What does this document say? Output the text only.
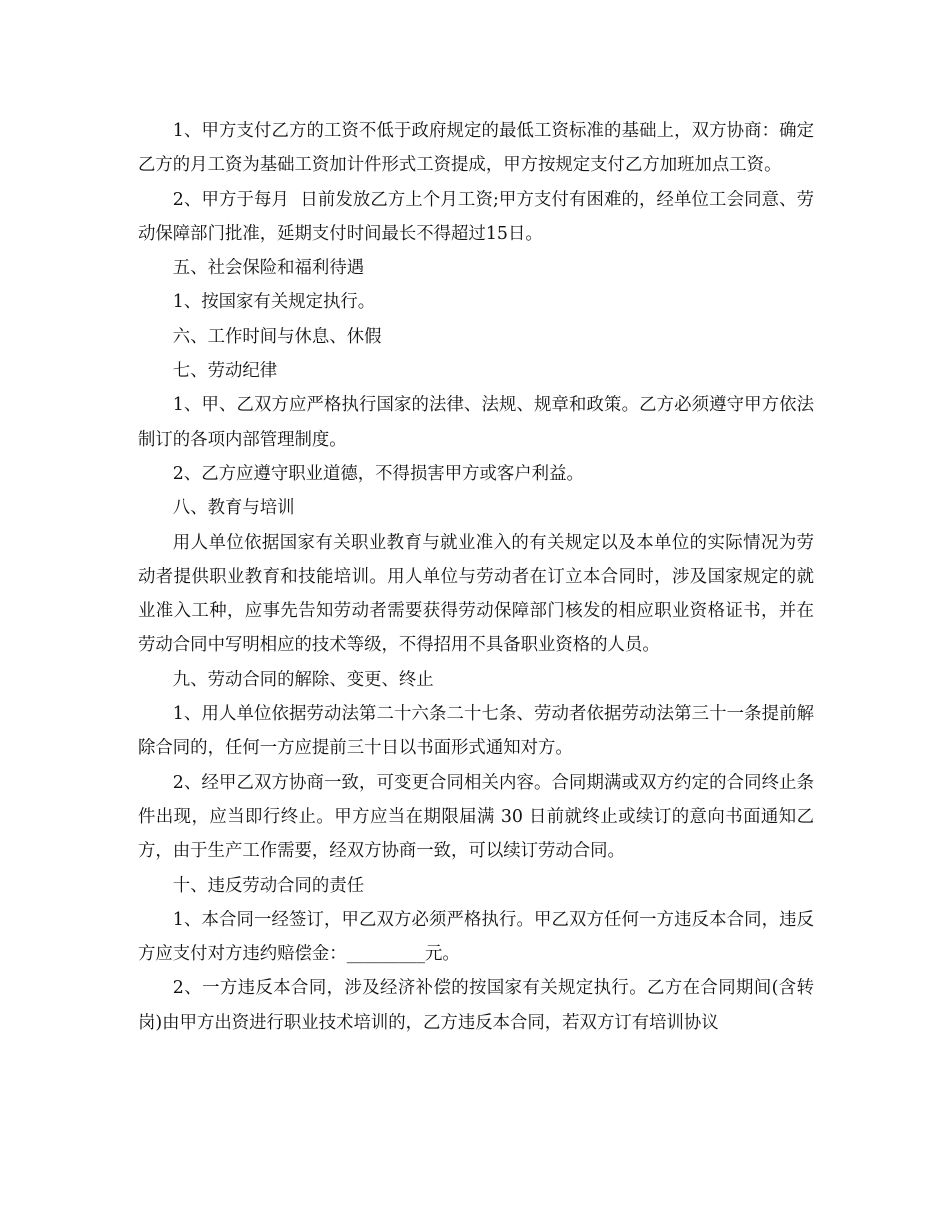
1、甲方支付乙方的工资不低于政府规定的最低工资标准的基础上，双方协商：确定乙方的月工资为基础工资加计件形式工资提成，甲方按规定支付乙方加班加点工资。

2、甲方于每月  日前发放乙方上个月工资;甲方支付有困难的，经单位工会同意、劳动保障部门批准，延期支付时间最长不得超过15日。

五、社会保险和福利待遇

1、按国家有关规定执行。

六、工作时间与休息、休假

七、劳动纪律

1、甲、乙双方应严格执行国家的法律、法规、规章和政策。乙方必须遵守甲方依法制订的各项内部管理制度。

2、乙方应遵守职业道德，不得损害甲方或客户利益。

八、教育与培训

用人单位依据国家有关职业教育与就业准入的有关规定以及本单位的实际情况为劳动者提供职业教育和技能培训。用人单位与劳动者在订立本合同时，涉及国家规定的就业准入工种，应事先告知劳动者需要获得劳动保障部门核发的相应职业资格证书，并在劳动合同中写明相应的技术等级，不得招用不具备职业资格的人员。

九、劳动合同的解除、变更、终止

1、用人单位依据劳动法第二十六条二十七条、劳动者依据劳动法第三十一条提前解除合同的，任何一方应提前三十日以书面形式通知对方。

2、经甲乙双方协商一致，可变更合同相关内容。合同期满或双方约定的合同终止条件出现，应当即行终止。甲方应当在期限届满 30 日前就终止或续订的意向书面通知乙方，由于生产工作需要，经双方协商一致，可以续订劳动合同。

十、违反劳动合同的责任

1、本合同一经签订，甲乙双方必须严格执行。甲乙双方任何一方违反本合同，违反方应支付对方违约赔偿金：_________元。

2、一方违反本合同，涉及经济补偿的按国家有关规定执行。乙方在合同期间(含转岗)由甲方出资进行职业技术培训的，乙方违反本合同，若双方订有培训协议
